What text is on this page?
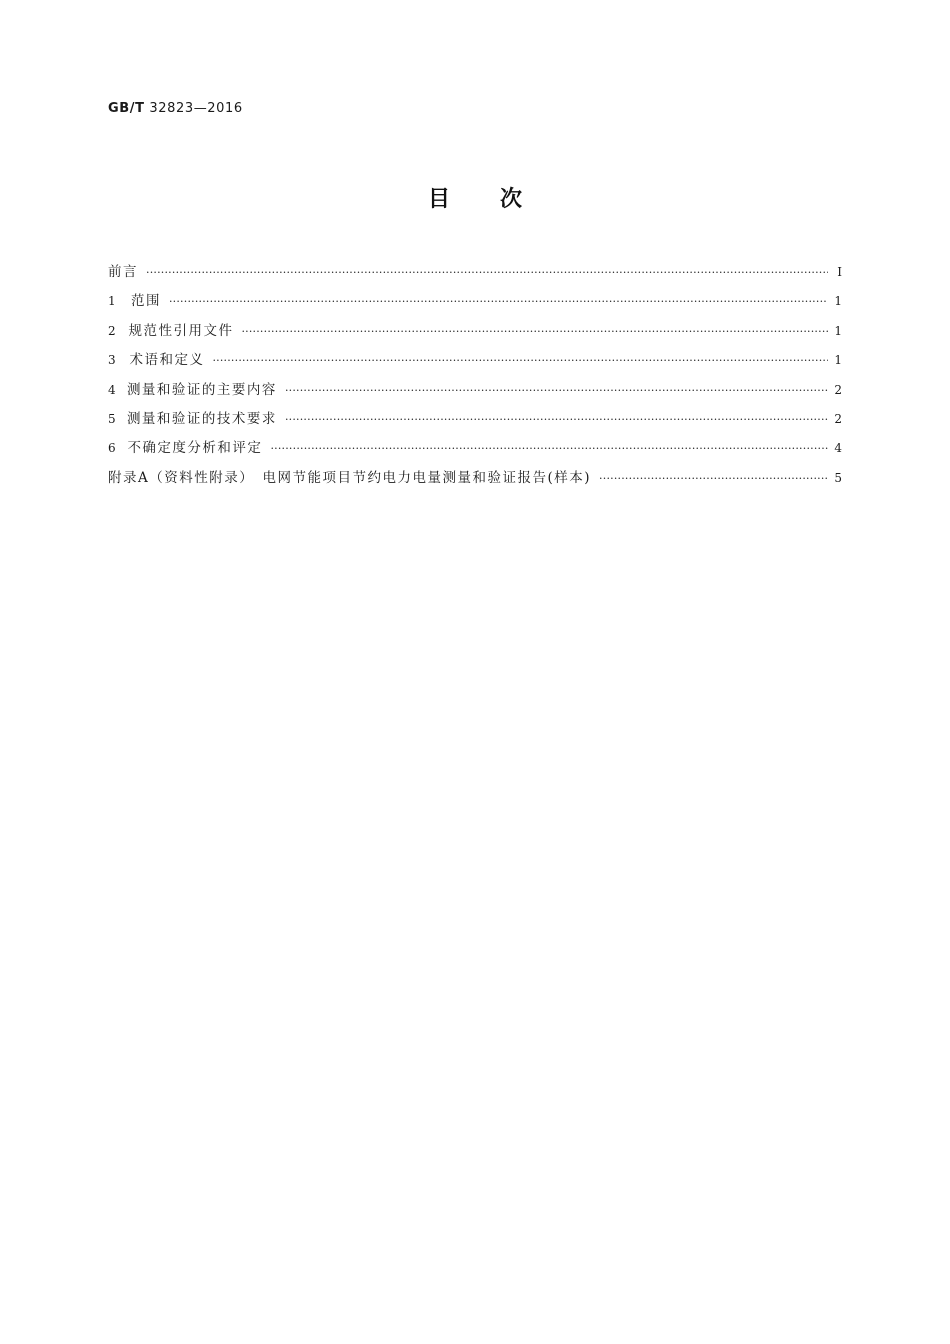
GB/T 32823—2016
目次
前言 ·····	Ⅰ
1	范围 ·····	1
2 规范性引用文件 ·····	1
3	术语和定义 ·····	1
4 测量和验证的主要内容 ·····	2
5 测量和验证的技术要求 ·····	2
6 不确定度分析和评定 ·····	4
附录A（资料性附录）　电网节能项目节约电力电量测量和验证报告(样本) ·····	5
